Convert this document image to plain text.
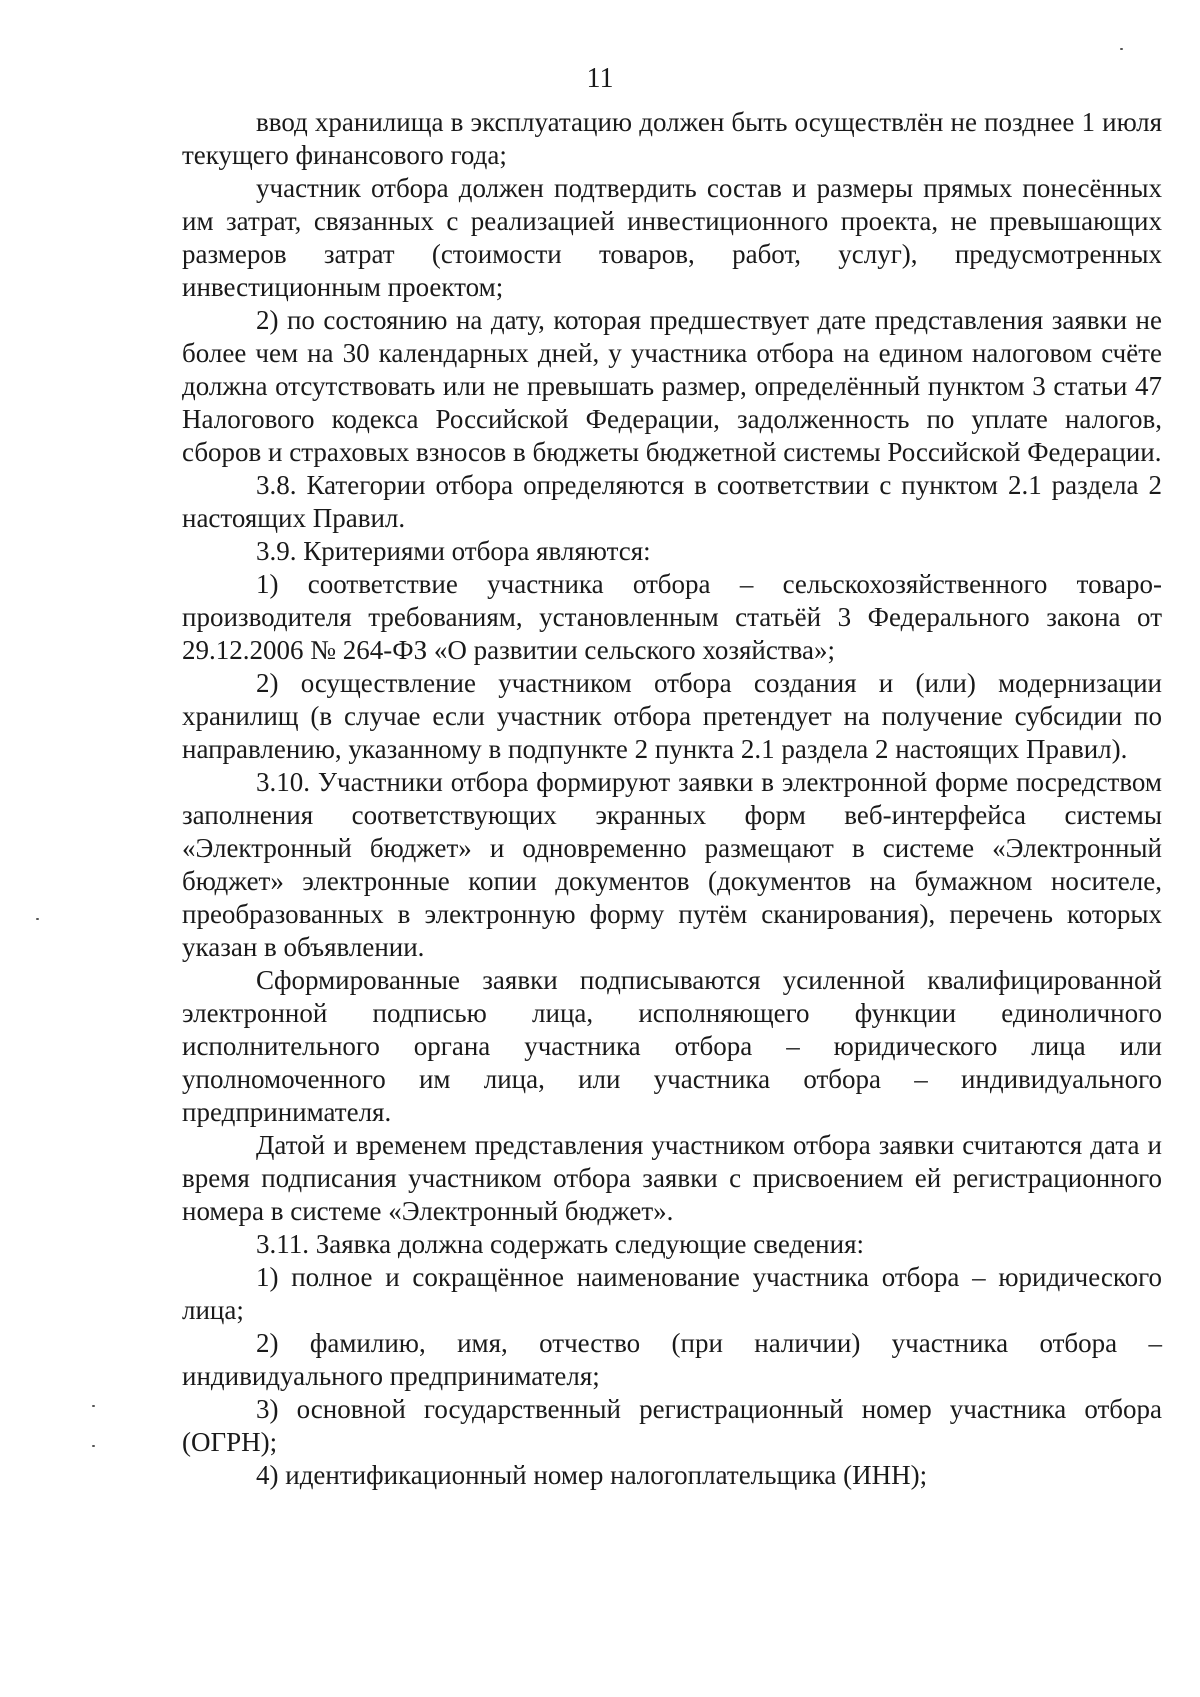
11

ввод хранилища в эксплуатацию должен быть осуществлён не позднее 1 июля текущего финансового года;

участник отбора должен подтвердить состав и размеры прямых понесённых им затрат, связанных с реализацией инвестиционного проекта, не превышающих размеров затрат (стоимости товаров, работ, услуг), предусмотренных инвестиционным проектом;

2) по состоянию на дату, которая предшествует дате представления заявки не более чем на 30 календарных дней, у участника отбора на едином налоговом счёте должна отсутствовать или не превышать размер, определённый пунктом 3 статьи 47 Налогового кодекса Российской Федерации, задолженность по уплате налогов, сборов и страховых взносов в бюджеты бюджетной системы Российской Федерации.

3.8. Категории отбора определяются в соответствии с пунктом 2.1 раздела 2 настоящих Правил.

3.9. Критериями отбора являются:

1) соответствие участника отбора – сельскохозяйственного товаро-производителя требованиям, установленным статьёй 3 Федерального закона от 29.12.2006 № 264-ФЗ «О развитии сельского хозяйства»;

2) осуществление участником отбора создания и (или) модернизации хранилищ (в случае если участник отбора претендует на получение субсидии по направлению, указанному в подпункте 2 пункта 2.1 раздела 2 настоящих Правил).

3.10. Участники отбора формируют заявки в электронной форме посредством заполнения соответствующих экранных форм веб-интерфейса системы «Электронный бюджет» и одновременно размещают в системе «Электронный бюджет» электронные копии документов (документов на бумажном носителе, преобразованных в электронную форму путём сканирования), перечень которых указан в объявлении.

Сформированные заявки подписываются усиленной квалифицированной электронной подписью лица, исполняющего функции единоличного исполнительного органа участника отбора – юридического лица или уполномоченного им лица, или участника отбора – индивидуального предпринимателя.

Датой и временем представления участником отбора заявки считаются дата и время подписания участником отбора заявки с присвоением ей регистрационного номера в системе «Электронный бюджет».

3.11. Заявка должна содержать следующие сведения:

1) полное и сокращённое наименование участника отбора – юридического лица;

2) фамилию, имя, отчество (при наличии) участника отбора – индивидуального предпринимателя;

3) основной государственный регистрационный номер участника отбора (ОГРН);

4) идентификационный номер налогоплательщика (ИНН);
